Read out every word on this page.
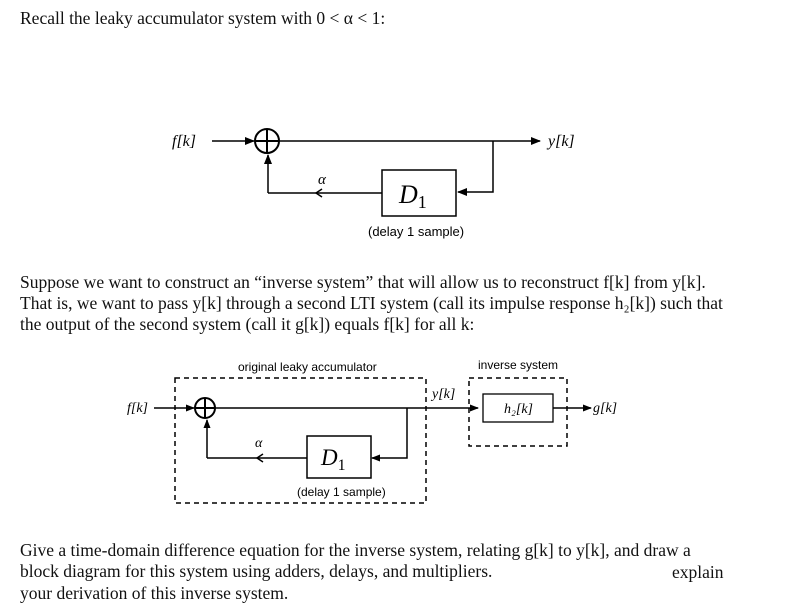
Recall the leaky accumulator system with 0 < α < 1:
f[k]	y[k]
D1
α
(delay 1 sample)
Suppose we want to construct an “inverse system” that will allow us to reconstruct f[k] from y[k]. That is, we want to pass y[k] through a second LTI system (call its impulse response h₂[k]) such that the output of the second system (call it g[k]) equals f[k] for all k:
original leaky accumulator	inverse system
f[k]
y[k]
h₂[k]	g[k]
$D_1$
α
(delay 1 sample)
Give a time-domain difference equation for the inverse system, relating g[k] to y[k], and draw a block diagram for this system using adders, delays, and multipliers.	explain
your derivation of this inverse system.
